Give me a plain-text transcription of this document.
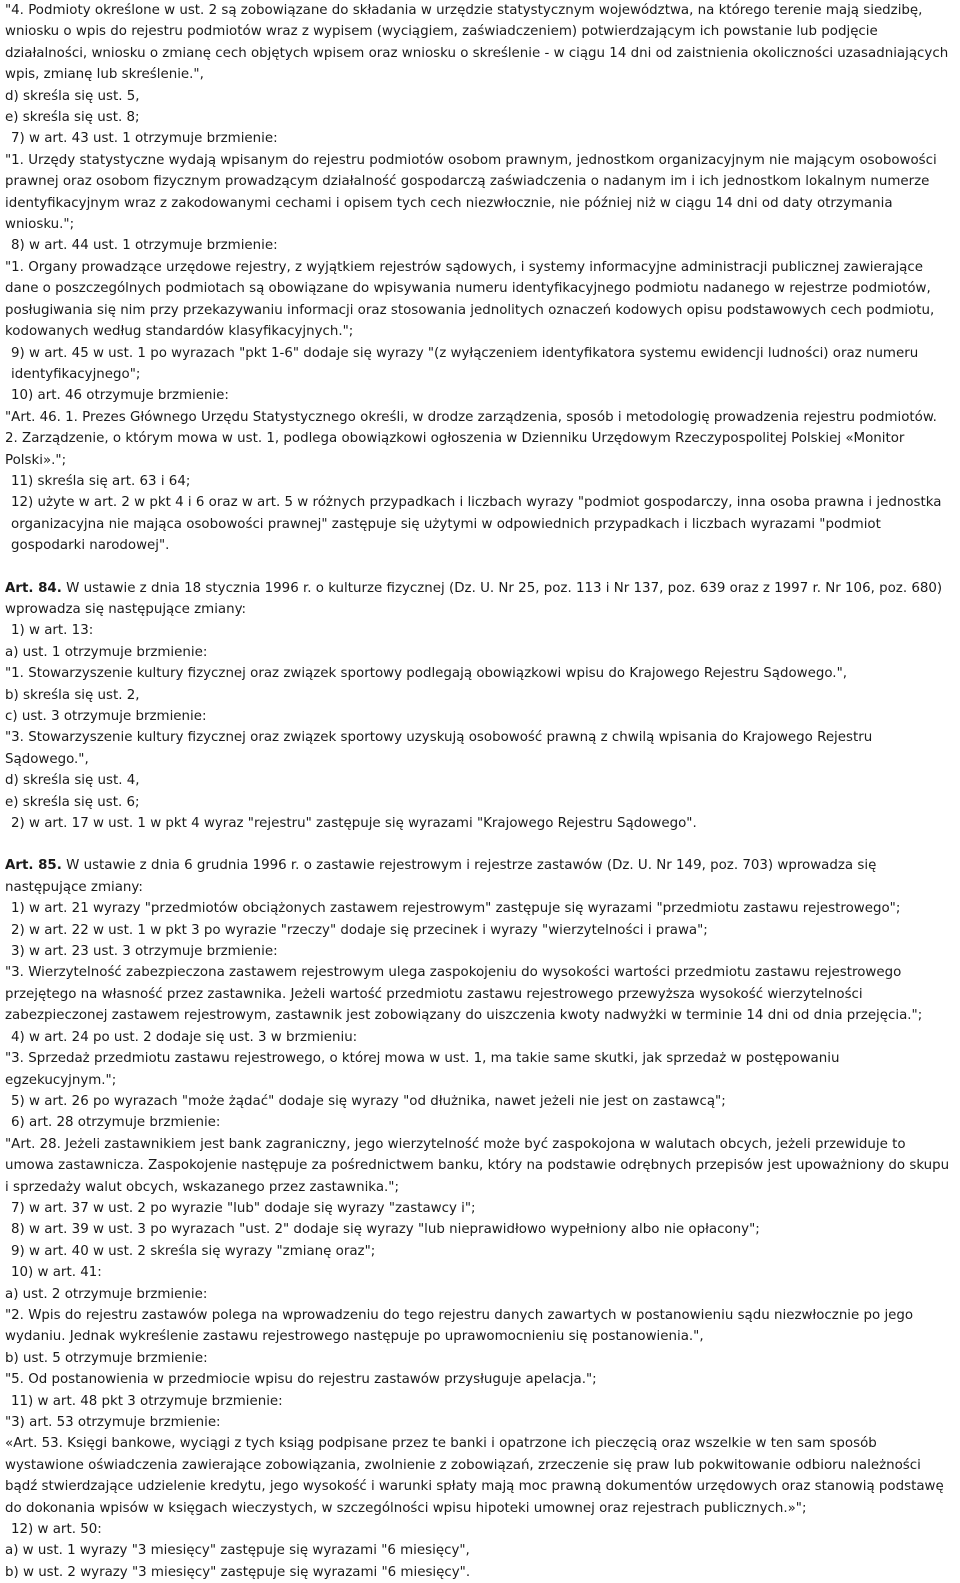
"4. Podmioty określone w ust. 2 są zobowiązane do składania w urzędzie statystycznym województwa, na którego terenie mają siedzibę, wniosku o wpis do rejestru podmiotów wraz z wypisem (wyciągiem, zaświadczeniem) potwierdzającym ich powstanie lub podjęcie działalności, wniosku o zmianę cech objętych wpisem oraz wniosku o skreślenie - w ciągu 14 dni od zaistnienia okoliczności uzasadniających wpis, zmianę lub skreślenie.",

d) skreśla się ust. 5,

e) skreśla się ust. 8;

7) w art. 43 ust. 1 otrzymuje brzmienie:

"1. Urzędy statystyczne wydają wpisanym do rejestru podmiotów osobom prawnym, jednostkom organizacyjnym nie mającym osobowości prawnej oraz osobom fizycznym prowadzącym działalność gospodarczą zaświadczenia o nadanym im i ich jednostkom lokalnym numerze identyfikacyjnym wraz z zakodowanymi cechami i opisem tych cech niezwłocznie, nie później niż w ciągu 14 dni od daty otrzymania wniosku.";

8) w art. 44 ust. 1 otrzymuje brzmienie:

"1. Organy prowadzące urzędowe rejestry, z wyjątkiem rejestrów sądowych, i systemy informacyjne administracji publicznej zawierające dane o poszczególnych podmiotach są obowiązane do wpisywania numeru identyfikacyjnego podmiotu nadanego w rejestrze podmiotów, posługiwania się nim przy przekazywaniu informacji oraz stosowania jednolitych oznaczeń kodowych opisu podstawowych cech podmiotu, kodowanych według standardów klasyfikacyjnych.";

9) w art. 45 w ust. 1 po wyrazach "pkt 1-6" dodaje się wyrazy "(z wyłączeniem identyfikatora systemu ewidencji ludności) oraz numeru identyfikacyjnego";

10) art. 46 otrzymuje brzmienie:

"Art. 46. 1. Prezes Głównego Urzędu Statystycznego określi, w drodze zarządzenia, sposób i metodologię prowadzenia rejestru podmiotów.

2. Zarządzenie, o którym mowa w ust. 1, podlega obowiązkowi ogłoszenia w Dzienniku Urzędowym Rzeczypospolitej Polskiej «Monitor Polski».";

11) skreśla się art. 63 i 64;

12) użyte w art. 2 w pkt 4 i 6 oraz w art. 5 w różnych przypadkach i liczbach wyrazy "podmiot gospodarczy, inna osoba prawna i jednostka organizacyjna nie mająca osobowości prawnej" zastępuje się użytymi w odpowiednich przypadkach i liczbach wyrazami "podmiot gospodarki narodowej".

Art. 84. W ustawie z dnia 18 stycznia 1996 r. o kulturze fizycznej (Dz. U. Nr 25, poz. 113 i Nr 137, poz. 639 oraz z 1997 r. Nr 106, poz. 680) wprowadza się następujące zmiany:

1) w art. 13:

a) ust. 1 otrzymuje brzmienie:

"1. Stowarzyszenie kultury fizycznej oraz związek sportowy podlegają obowiązkowi wpisu do Krajowego Rejestru Sądowego.",

b) skreśla się ust. 2,

c) ust. 3 otrzymuje brzmienie:

"3. Stowarzyszenie kultury fizycznej oraz związek sportowy uzyskują osobowość prawną z chwilą wpisania do Krajowego Rejestru Sądowego.",

d) skreśla się ust. 4,

e) skreśla się ust. 6;

2) w art. 17 w ust. 1 w pkt 4 wyraz "rejestru" zastępuje się wyrazami "Krajowego Rejestru Sądowego".

Art. 85. W ustawie z dnia 6 grudnia 1996 r. o zastawie rejestrowym i rejestrze zastawów (Dz. U. Nr 149, poz. 703) wprowadza się następujące zmiany:

1) w art. 21 wyrazy "przedmiotów obciążonych zastawem rejestrowym" zastępuje się wyrazami "przedmiotu zastawu rejestrowego";

2) w art. 22 w ust. 1 w pkt 3 po wyrazie "rzeczy" dodaje się przecinek i wyrazy "wierzytelności i prawa";

3) w art. 23 ust. 3 otrzymuje brzmienie:

"3. Wierzytelność zabezpieczona zastawem rejestrowym ulega zaspokojeniu do wysokości wartości przedmiotu zastawu rejestrowego przejętego na własność przez zastawnika. Jeżeli wartość przedmiotu zastawu rejestrowego przewyższa wysokość wierzytelności zabezpieczonej zastawem rejestrowym, zastawnik jest zobowiązany do uiszczenia kwoty nadwyżki w terminie 14 dni od dnia przejęcia.";

4) w art. 24 po ust. 2 dodaje się ust. 3 w brzmieniu:

"3. Sprzedaż przedmiotu zastawu rejestrowego, o której mowa w ust. 1, ma takie same skutki, jak sprzedaż w postępowaniu egzekucyjnym.";

5) w art. 26 po wyrazach "może żądać" dodaje się wyrazy "od dłużnika, nawet jeżeli nie jest on zastawcą";

6) art. 28 otrzymuje brzmienie:

"Art. 28. Jeżeli zastawnikiem jest bank zagraniczny, jego wierzytelność może być zaspokojona w walutach obcych, jeżeli przewiduje to umowa zastawnicza. Zaspokojenie następuje za pośrednictwem banku, który na podstawie odrębnych przepisów jest upoważniony do skupu i sprzedaży walut obcych, wskazanego przez zastawnika.";

7) w art. 37 w ust. 2 po wyrazie "lub" dodaje się wyrazy "zastawcy i";

8) w art. 39 w ust. 3 po wyrazach "ust. 2" dodaje się wyrazy "lub nieprawidłowo wypełniony albo nie opłacony";

9) w art. 40 w ust. 2 skreśla się wyrazy "zmianę oraz";

10) w art. 41:

a) ust. 2 otrzymuje brzmienie:

"2. Wpis do rejestru zastawów polega na wprowadzeniu do tego rejestru danych zawartych w postanowieniu sądu niezwłocznie po jego wydaniu. Jednak wykreślenie zastawu rejestrowego następuje po uprawomocnieniu się postanowienia.",

b) ust. 5 otrzymuje brzmienie:

"5. Od postanowienia w przedmiocie wpisu do rejestru zastawów przysługuje apelacja.";

11) w art. 48 pkt 3 otrzymuje brzmienie:

"3) art. 53 otrzymuje brzmienie:

«Art. 53. Księgi bankowe, wyciągi z tych ksiąg podpisane przez te banki i opatrzone ich pieczęcią oraz wszelkie w ten sam sposób wystawione oświadczenia zawierające zobowiązania, zwolnienie z zobowiązań, zrzeczenie się praw lub pokwitowanie odbioru należności bądź stwierdzające udzielenie kredytu, jego wysokość i warunki spłaty mają moc prawną dokumentów urzędowych oraz stanowią podstawę do dokonania wpisów w księgach wieczystych, w szczególności wpisu hipoteki umownej oraz rejestrach publicznych.»";

12) w art. 50:

a) w ust. 1 wyrazy "3 miesięcy" zastępuje się wyrazami "6 miesięcy",

b) w ust. 2 wyrazy "3 miesięcy" zastępuje się wyrazami "6 miesięcy".
